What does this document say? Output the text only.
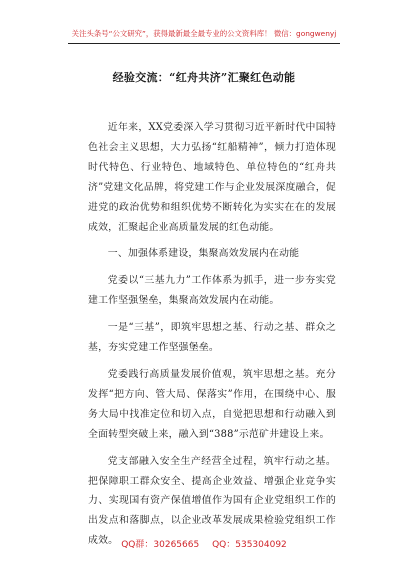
关注头条号“公文研究”，获得最新最全最专业的公文资料库！ 微信：gongwenyj
经验交流：“红舟共济”汇聚红色动能

近年来，XX党委深入学习贯彻习近平新时代中国特色社会主义思想，大力弘扬“红船精神”，倾力打造体现时代特色、行业特色、地域特色、单位特色的“红舟共济”党建文化品牌，将党建工作与企业发展深度融合，促进党的政治优势和组织优势不断转化为实实在在的发展成效，汇聚起企业高质量发展的红色动能。

一、加强体系建设，集聚高效发展内在动能

党委以“三基九力”工作体系为抓手，进一步夯实党建工作坚强堡垒，集聚高效发展内在动能。

一是“三基”，即筑牢思想之基、行动之基、群众之基，夯实党建工作坚强堡垒。

党委践行高质量发展价值观，筑牢思想之基。充分发挥“把方向、管大局、保落实”作用，在围绕中心、服务大局中找准定位和切入点，自觉把思想和行动融入到全面转型突破上来，融入到“388”示范矿井建设上来。

党支部融入安全生产经营全过程，筑牢行动之基。把保障职工群众安全、提高企业效益、增强企业竞争实力、实现国有资产保值增值作为国有企业党组织工作的出发点和落脚点，以企业改革发展成果检验党组织工作成效。 QQ群：30265665 QQ：535304092
